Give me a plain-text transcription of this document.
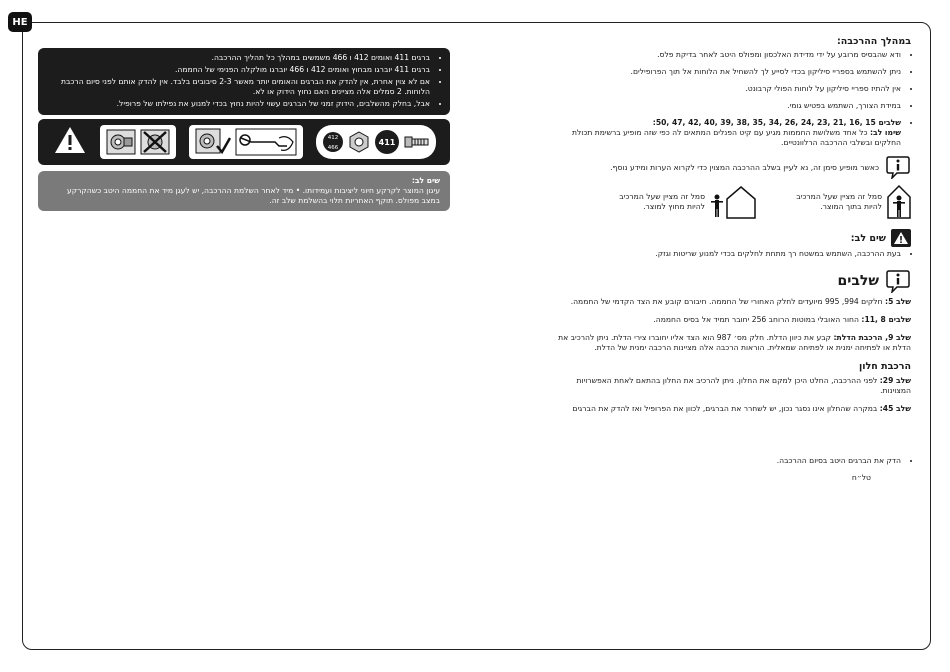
HE
• ברגים 411 ואומים 412 ו 466 משמשים במהלך כל תהליך ההרכבה.
• ברגים 411 יוברגו מבחוץ ואומים 412 ו 466 יוברגו מולקלה הפנימי של החממה.
• אם לא צוין אחרת, אין להדק את הברגים והאומים יותר מאשר 2-3 סיבובים בלבד. אין להדק אותם לפני סיום הרכבת הלוחות. 2 סמלים אלה מציינים האם נחוץ הידוק או לא.
• אבל, בחלק מהשלבים, הידוק זמני של הברגים עשוי להיות נחוץ בכדי למנוע את נפילתו של פרופיל.
412
466
411
שים לב:
עיגון המוצר לקרקע חיוני ליציבות ועמידותו. • מיד לאחר השלמת ההרכבה, יש לעגן מיד את החממה היטב כשהקרקע במצב מפולס. תוקף האחריות תלוי בהשלמת שלב זה.
במהלך ההרכבה:
• ודא שהבסיס מרובע על ידי מדידת האלכסון ומפולס היטב לאחר בדיקת פלס.
• ניתן להשתמש בספריי סיליקון בכדי לסייע לך להשחיל את הלוחות אל תוך הפרופילים.
• אין להתיז ספריי סיליקון על לוחות הפולי קרבונט.
• במידת הצורך, השתמש בפטיש גומי.
• שלבים 15 ,16 ,21 ,23 ,24 ,26 ,34 ,35 ,38 ,39 ,40 ,42 ,47 ,50:
שימו לב: כל אחד משלושת החממות מגיע עם קיט הפנלים המתאים לה כפי שזה מופיע ברשימת תכולת החלקים ובשלבי ההרכבה הרלוונטיים.
כאשר מופיע סימן זה, נא לעיין בשלב ההרכבה המצוין כדי לקרוא הערות ומידע נוסף.
סמל זה מציין שעל המרכיב להיות בתוך המוצר.
סמל זה מציין שעל המרכיב להיות מחוץ למוצר.
שים לב:
• בעת ההרכבה, השתמש במשטח רך מתחת לחלקים בכדי למנוע שריטות וגזק.
שלבים

שלב 5: חלקים 994, 995 מיועדים לחלק האחורי של החממה. חיבורם קובע את הצד הקדמי של החממה.

שלבים 8 ,11: החור האובלי במוטות הרוחב 256 יחובר תמיד אל בסיס החממה.

שלב 9, הרכבת הדלת: קבע את כיוון הדלת. חלק מס׳ 987 הוא הצד אליו יחוברו צירי הדלת. ניתן להרכיב את הדלת או לפתיחה ימנית או לפתיחה שמאלית. הוראות הרכבה אלה מציינות הרכבה ימנית של הדלת.

הרכבת חלון

שלב 29: לפני ההרכבה, החלט היכן למקם את החלון. ניתן להרכיב את החלון בהתאם לאחת האפשרויות המצוינות.

שלב 45: במקרה שהחלון אינו נסגר נכון, יש לשחרר את הברגים, לכוון את הפרופיל ואז להדק את הברגים

• הדק את הברגים היטב בסיום ההרכבה.

טל״ח
